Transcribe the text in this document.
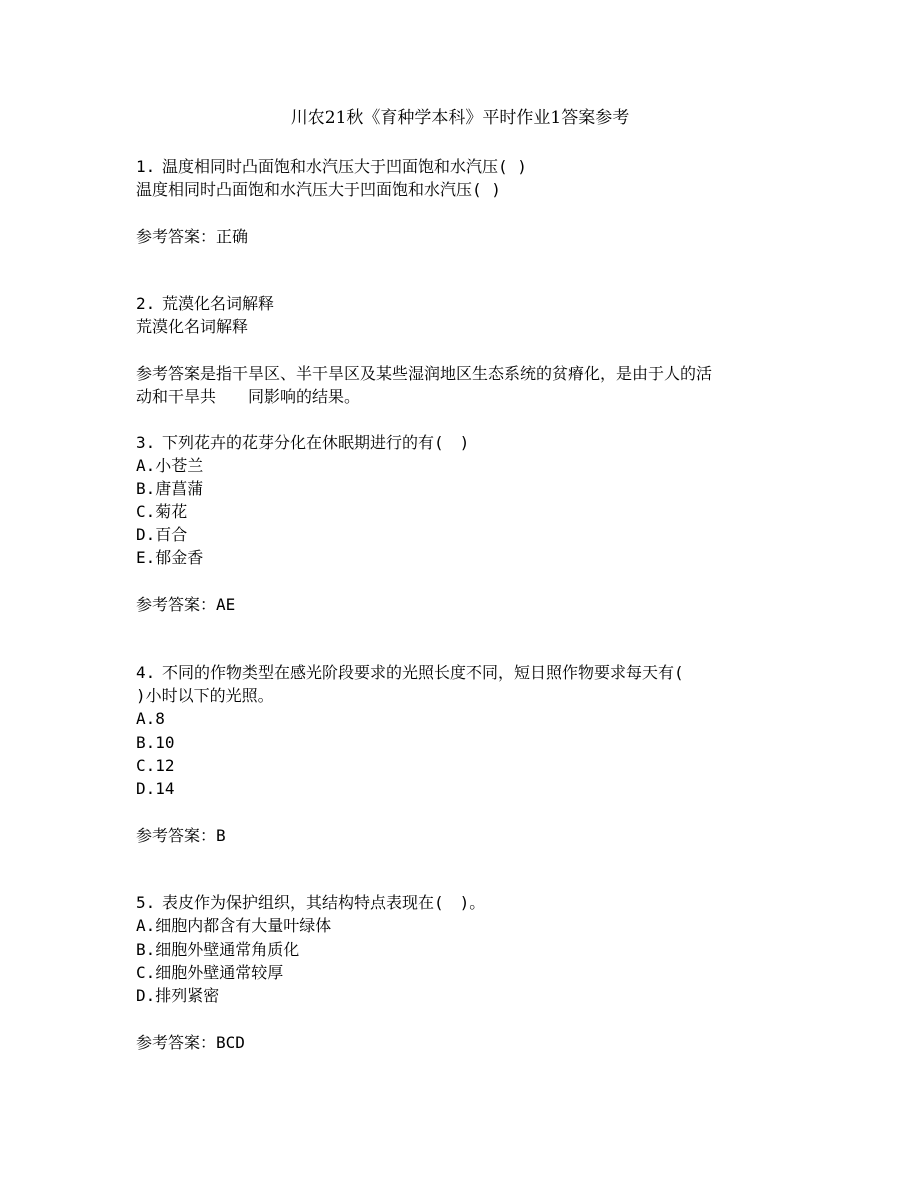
川农21秋《育种学本科》平时作业1答案参考
1. 温度相同时凸面饱和水汽压大于凹面饱和水汽压( )
温度相同时凸面饱和水汽压大于凹面饱和水汽压( )
参考答案：正确
2. 荒漠化名词解释
荒漠化名词解释
参考答案是指干旱区、半干旱区及某些湿润地区生态系统的贫瘠化，是由于人的活
动和干旱共　　同影响的结果。
3. 下列花卉的花芽分化在休眠期进行的有(　)
A.小苍兰
B.唐菖蒲
C.菊花
D.百合
E.郁金香
参考答案：AE
4. 不同的作物类型在感光阶段要求的光照长度不同，短日照作物要求每天有(
)小时以下的光照。
A.8
B.10
C.12
D.14
参考答案：B
5. 表皮作为保护组织，其结构特点表现在(　)。
A.细胞内都含有大量叶绿体
B.细胞外壁通常角质化
C.细胞外壁通常较厚
D.排列紧密
参考答案：BCD
